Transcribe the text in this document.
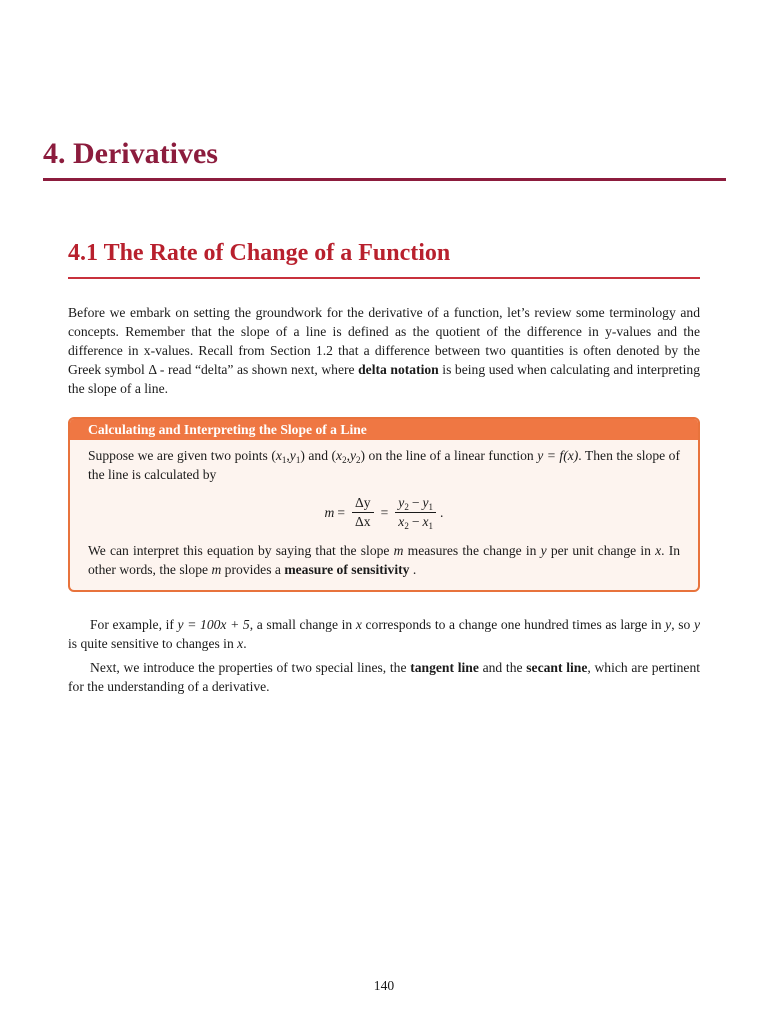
4. Derivatives
4.1 The Rate of Change of a Function

Before we embark on setting the groundwork for the derivative of a function, let’s review some terminology and concepts. Remember that the slope of a line is defined as the quotient of the difference in y-values and the difference in x-values. Recall from Section 1.2 that a difference between two quantities is often denoted by the Greek symbol Δ - read “delta” as shown next, where delta notation is being used when calculating and interpreting the slope of a line.

Calculating and Interpreting the Slope of a Line

Suppose we are given two points $(x_1,y_1)$ and $(x_2,y_2)$ on the line of a linear function y = f(x). Then the slope of the line is calculated by

$m = \frac{\Delta y}{\Delta x} = \frac{y_2 - y_1}{x_2 - x_1}$ .

We can interpret this equation by saying that the slope m measures the change in y per unit change in x. In other words, the slope m provides a measure of sensitivity .

For example, if y = 100x + 5, a small change in x corresponds to a change one hundred times as large in y, so y is quite sensitive to changes in x.

Next, we introduce the properties of two special lines, the tangent line and the secant line, which are pertinent for the understanding of a derivative.

140
